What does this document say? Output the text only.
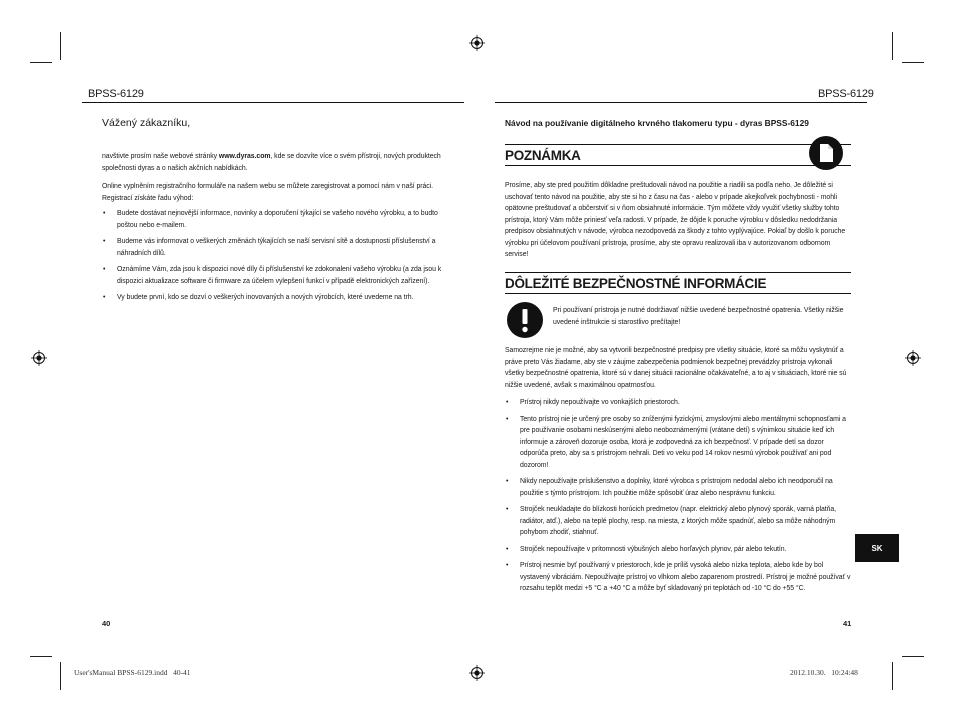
BPSS-6129
Vážený zákazníku,
navštivte prosím naše webové stránky www.dyras.com, kde se dozvíte více o svém přístroji, nových produktech společnosti dyras a o našich akčních nabídkách.
Online vyplněním registračního formuláře na našem webu se můžete zaregistrovat a pomocí nám v naší práci. Registrací získáte řadu výhod:
• Budete dostávat nejnovější informace, novinky a doporučení týkající se vašeho nového výrobku, a to budto poštou nebo e-mailem.
• Budeme vás informovat o veškerých změnách týkajících se naší servisní sítě a dostupnosti příslušenství a náhradních dílů.
• Oznámíme Vám, zda jsou k dispozici nové díly či příslušenství ke zdokonalení vašeho výrobku (a zda jsou k dispozici aktualizace software či firmware za účelem vylepšení funkcí v případě elektronických zařízení).
• Vy budete první, kdo se dozví o veškerých inovovaných a nových výrobcích, které uvedeme na trh.
40
BPSS-6129
Návod na používanie digitálneho krvného tlakomeru typu - dyras BPSS-6129
POZNÁMKA
Prosíme, aby ste pred použitím dôkladne preštudovali návod na použitie a riadili sa podľa neho. Je dôležité si uschovať tento návod na použitie, aby ste si ho z času na čas - alebo v prípade akejkoľvek pochybnosti - mohli opätovne preštudovať a občerstviť si v ňom obsiahnuté informácie. Tým môžete vždy využiť všetky služby tohto prístroja, ktorý Vám môže priniesť veľa radosti. V prípade, že dôjde k poruche výrobku v dôsledku nedodržania predpisov obsiahnutých v návode, výrobca nezodpovedá za škody z tohto vyplývajúce. Pokiaľ by došlo k poruche výrobku pri účelovom používaní prístroja, prosíme, aby ste opravu realizovali iba v autorizovanom odbornom servise!
DÔLEŽITÉ BEZPEČNOSTNÉ INFORMÁCIE
Pri používaní prístroja je nutné dodržiavať nižšie uvedené bezpečnostné opatrenia. Všetky nižšie uvedené inštrukcie si starostlivo prečítajte!
Samozrejme nie je možné, aby sa vytvorili bezpečnostné predpisy pre všetky situácie, ktoré sa môžu vyskytnúť a práve preto Vás žiadame, aby ste v záujme zabezpečenia podmienok bezpečnej prevádzky prístroja vykonali všetky bezpečnostné opatrenia, ktoré sú v danej situácii racionálne očakávateľné, a to aj v situáciach, ktoré nie sú nižšie uvedené, avšak s maximálnou opatrnosťou.
• Prístroj nikdy nepoužívajte vo vonkajších priestoroch.
• Tento prístroj nie je určený pre osoby so zníženými fyzickými, zmyslovými alebo mentálnymi schopnosťami a pre používanie osobami neskúsenými alebo neoboznámenými (vrátane detí) s výnimkou situácie keď ich informuje a zároveň dozoruje osoba, ktorá je zodpovedná za ich bezpečnosť. V prípade detí sa dozor odporúča preto, aby sa s prístrojom nehrali. Deti vo veku pod 14 rokov nesmú výrobok používať ani pod dozorom!
• Nikdy nepoužívajte príslušenstvo a doplnky, ktoré výrobca s prístrojom nedodal alebo ich neodporučil na použitie s týmto prístrojom. Ich použitie môže spôsobiť úraz alebo nesprávnu funkciu.
• Strojček neukladajte do blízkosti horúcich predmetov (napr. elektrický alebo plynový sporák, varná platňa, radiátor, atď.), alebo na teplé plochy, resp. na miesta, z ktorých môže spadnúť, alebo sa môže náhodným pohybom zhodiť, stiahnuť.
• Strojček nepoužívajte v prítomnosti výbušných alebo horľavých plynov, pár alebo tekutín.
• Prístroj nesmie byť používaný v priestoroch, kde je príliš vysoká alebo nízka teplota, alebo kde by bol vystavený vibráciám. Nepoužívajte prístroj vo vlhkom alebo zaparenom prostredí. Prístroj je možné používať v rozsahu teplôt medzi +5 °C a +40 °C a môže byť skladovaný pri teplotách od -10 °C do +55 °C.
SK
41
User'sManual BPSS-6129.indd   40-41	2012.10.30. 10:24:48
